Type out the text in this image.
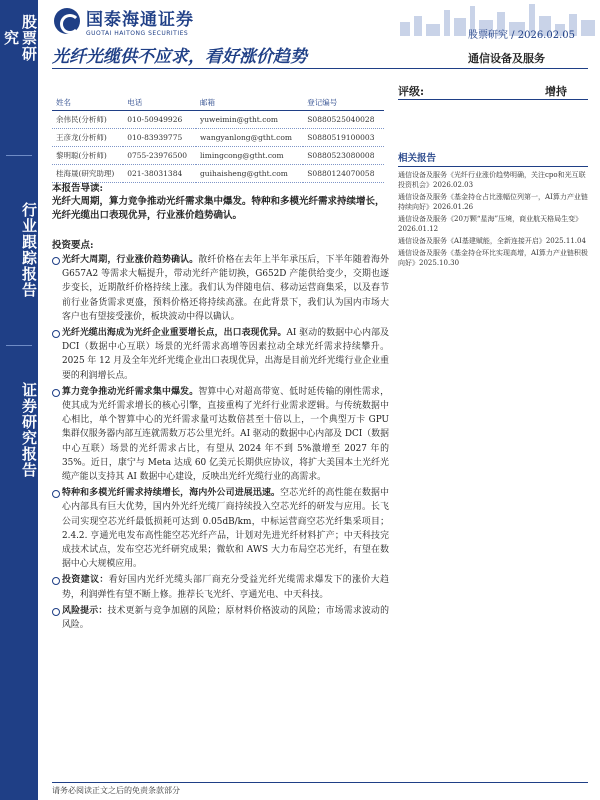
股票研究
行业跟踪报告
证券研究报告
国泰海通证券
GUOTAI HAITONG SECURITIES	股票研究 / 2026.02.05
光纤光缆供不应求，看好涨价趋势	通信设备及服务
姓名	电话	邮箱	登记编号
余伟民(分析师)	010-50949926	yuweimin@gtht.com	S0880525040028
王彦龙(分析师)	010-83939775	wangyanlong@gtht.com	S0880519100003
黎明聪(分析师)	0755-23976500	limingcong@gtht.com	S0880523080008
桂海晟(研究助理)	021-38031384	guihaisheng@gtht.com	S0880124070058
评级:	增持
相关报告
通信设备及服务《光纤行业涨价趋势明确，关注cpo和光互联投资机会》2026.02.03
通信设备及服务《基金持仓占比涨幅位列第一，AI算力产业链持续向好》2026.01.26
通信设备及服务《20万颗“星海”压境，商业航天格局生变》2026.01.12
通信设备及服务《AI基建赋能，全新连接开启》2025.11.04
通信设备及服务《基金持仓环比实现高增，AI算力产业链积极向好》2025.10.30
本报告导读:
光纤大周期，算力竞争推动光纤需求集中爆发。特种和多模光纤需求持续增长，光纤光缆出口表现优异，行业涨价趋势确认。
投资要点:
光纤大周期，行业涨价趋势确认。散纤价格在去年上半年承压后，下半年随着海外 G657A2 等需求大幅提升，带动光纤产能切换，G652D 产能供给变少，交期也逐步变长，近期散纤价格持续上涨。我们认为伴随电信、移动运营商集采，以及春节前行业备货需求更盛，预料价格还将持续高涨。在此背景下，我们认为国内市场大客户也有望接受涨价，板块波动中得以确认。
光纤光缆出海成为光纤企业重要增长点，出口表现优异。AI 驱动的数据中心内部及 DCI（数据中心互联）场景的光纤需求高增等因素拉动全球光纤需求持续攀升。2025 年 12 月及全年光纤光缆企业出口表现优异，出海是目前光纤光缆行业企业重要的利润增长点。
算力竞争推动光纤需求集中爆发。智算中心对超高带宽、低时延传输的刚性需求，使其成为光纤需求增长的核心引擎，直接重构了光纤行业需求逻辑。与传统数据中心相比，单个智算中心的光纤需求量可达数倍甚至十倍以上，一个典型万卡 GPU 集群仅服务器内部互连就需数万芯公里光纤。AI 驱动的数据中心内部及 DCI（数据中心互联）场景的光纤需求占比，有望从 2024 年不到 5%激增至 2027 年的 35%。近日，康宁与 Meta 达成 60 亿美元长期供应协议，将扩大美国本土光纤光缆产能以支持其 AI 数据中心建设，反映出光纤光缆行业的高需求。
特种和多模光纤需求持续增长，海内外公司进展迅速。空芯光纤的高性能在数据中心内部具有巨大优势，国内外光纤光缆厂商持续投入空芯光纤的研发与应用。长飞公司实现空芯光纤最低损耗可达到 0.05dB/km，中标运营商空芯光纤集采项目；2.4.2. 亨通光电发布高性能空芯光纤产品，计划对先进光纤材料扩产；中天科技完成技术试点，发布空芯光纤研究成果；微软和 AWS 大力布局空芯光纤，有望在数据中心大规模应用。
投资建议：看好国内光纤光缆头部厂商充分受益光纤光缆需求爆发下的涨价大趋势，利润弹性有望不断上修。推荐长飞光纤、亨通光电、中天科技。
风险提示：技术更新与竞争加剧的风险；原材料价格波动的风险；市场需求波动的风险。
请务必阅读正文之后的免责条款部分
